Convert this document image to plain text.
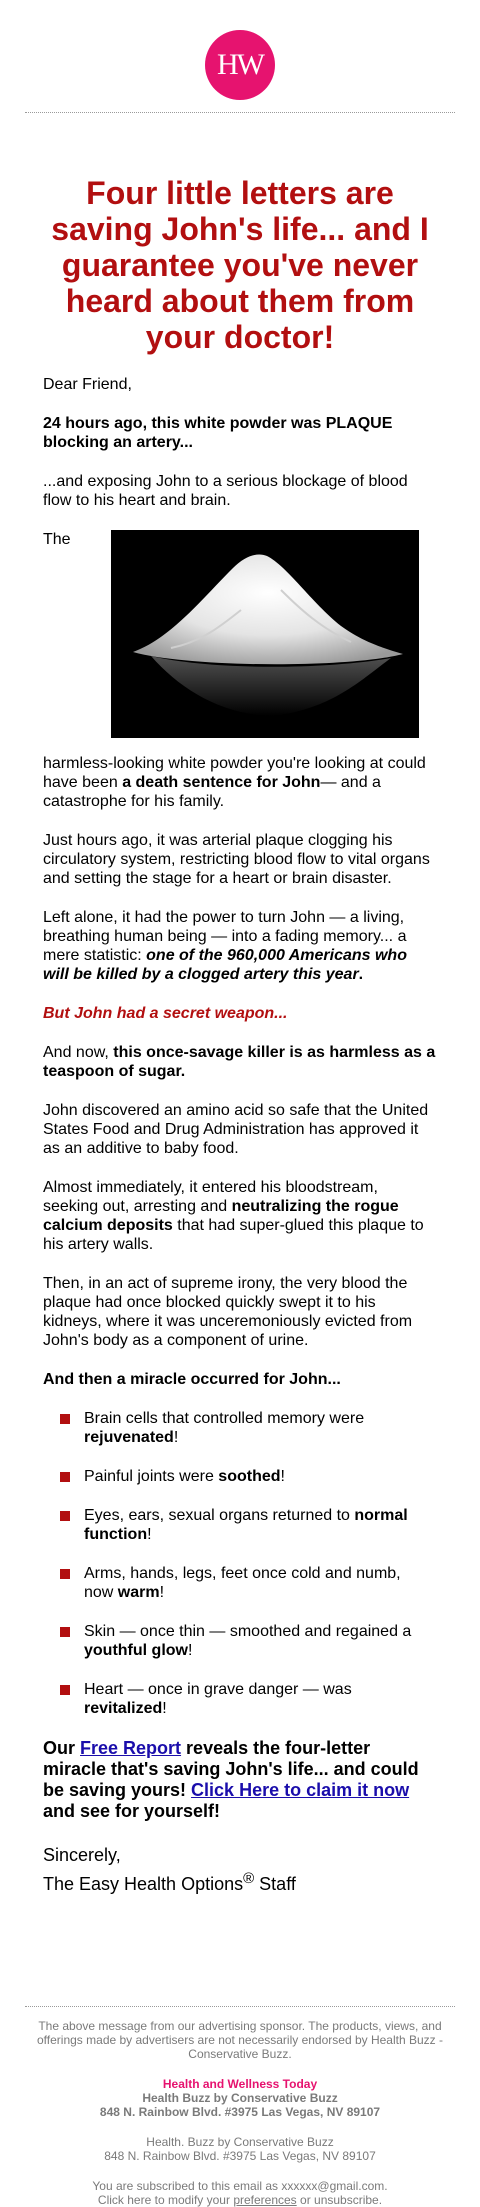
HW
Four little letters are saving John's life... and I guarantee you've never heard about them from your doctor!

Dear Friend,

24 hours ago, this white powder was PLAQUE blocking an artery...

...and exposing John to a serious blockage of blood flow to his heart and brain.

The

harmless-looking white powder you're looking at could have been a death sentence for John— and a catastrophe for his family.

Just hours ago, it was arterial plaque clogging his circulatory system, restricting blood flow to vital organs and setting the stage for a heart or brain disaster.

Left alone, it had the power to turn John — a living, breathing human being — into a fading memory... a mere statistic: one of the 960,000 Americans who will be killed by a clogged artery this year.

But John had a secret weapon...

And now, this once-savage killer is as harmless as a teaspoon of sugar.

John discovered an amino acid so safe that the United States Food and Drug Administration has approved it as an additive to baby food.

Almost immediately, it entered his bloodstream, seeking out, arresting and neutralizing the rogue calcium deposits that had super-glued this plaque to his artery walls.

Then, in an act of supreme irony, the very blood the plaque had once blocked quickly swept it to his kidneys, where it was unceremoniously evicted from John's body as a component of urine.

And then a miracle occurred for John...

Brain cells that controlled memory were rejuvenated!
Painful joints were soothed!
Eyes, ears, sexual organs returned to normal function!
Arms, hands, legs, feet once cold and numb, now warm!
Skin — once thin — smoothed and regained a youthful glow!
Heart — once in grave danger — was revitalized!

Our Free Report reveals the four-letter miracle that's saving John's life... and could be saving yours! Click Here to claim it now and see for yourself!

Sincerely,

The Easy Health Options® Staff

The above message from our advertising sponsor. The products, views, and offerings made by advertisers are not necessarily endorsed by Health Buzz - Conservative Buzz.
Health and Wellness Today
Health Buzz by Conservative Buzz
848 N. Rainbow Blvd. #3975 Las Vegas, NV 89107
Health. Buzz by Conservative Buzz
848 N. Rainbow Blvd. #3975 Las Vegas, NV 89107
You are subscribed to this email as xxxxxx@gmail.com.
Click here to modify your preferences or unsubscribe.
